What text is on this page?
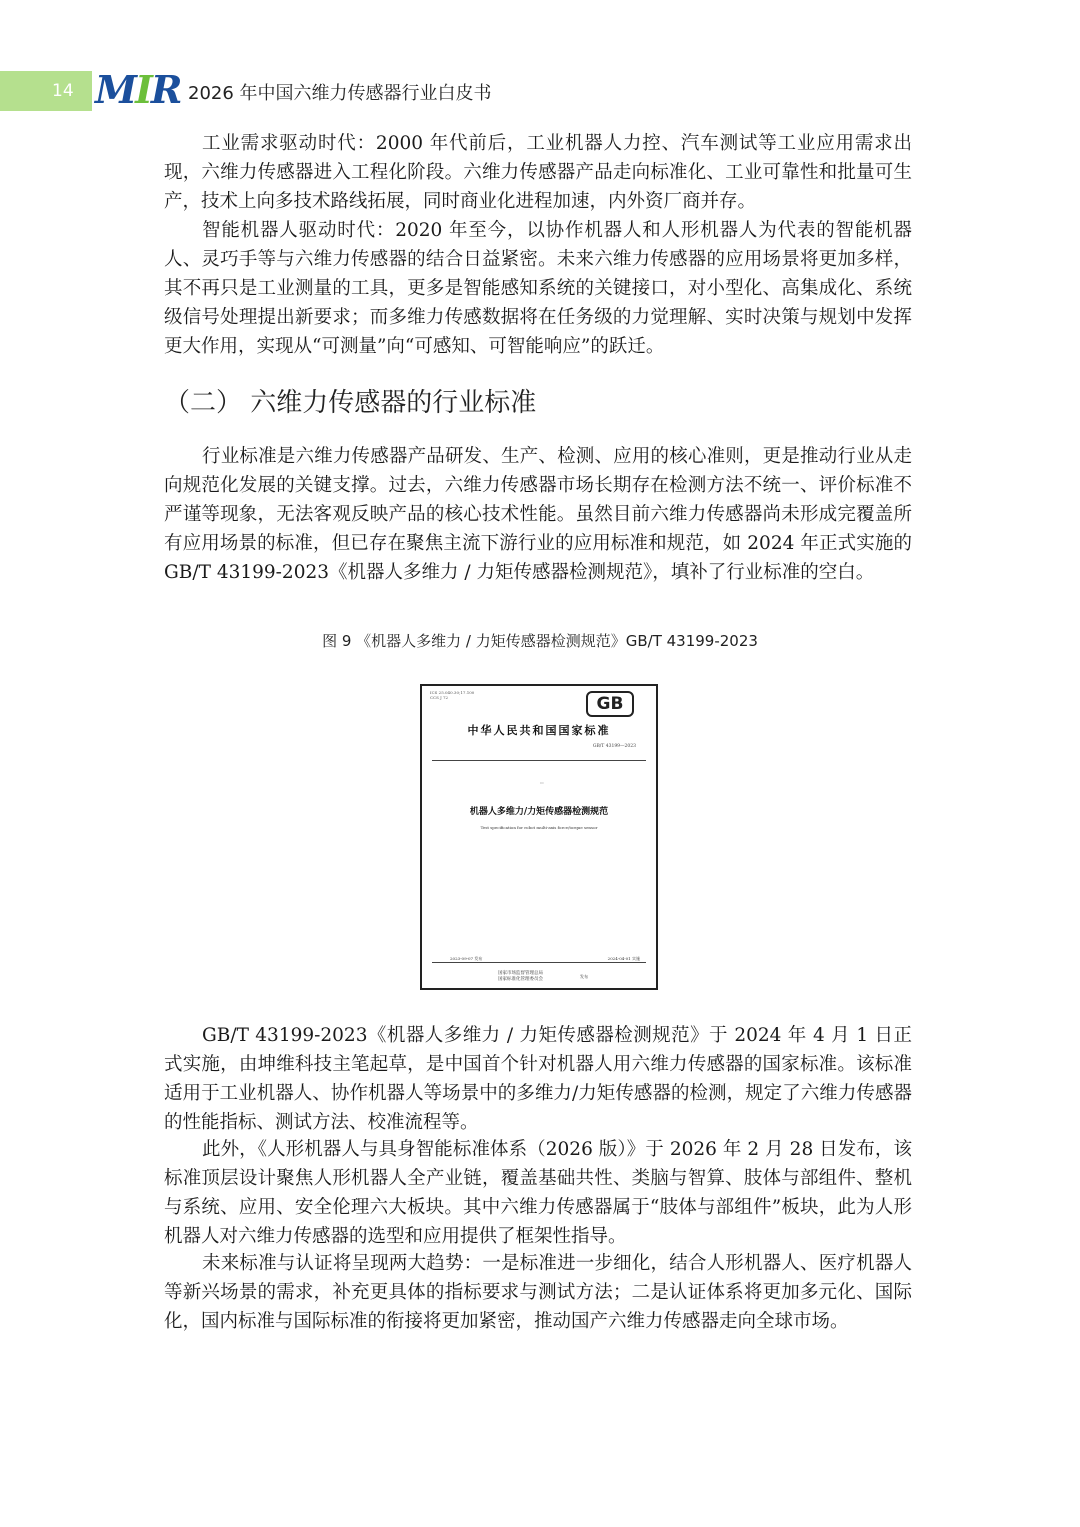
14 MIR 2026 年中国六维力传感器行业白皮书

工业需求驱动时代：2000 年代前后，工业机器人力控、汽车测试等工业应用需求出现，六维力传感器进入工程化阶段。六维力传感器产品走向标准化、工业可靠性和批量可生产，技术上向多技术路线拓展，同时商业化进程加速，内外资厂商并存。

智能机器人驱动时代：2020 年至今，以协作机器人和人形机器人为代表的智能机器人、灵巧手等与六维力传感器的结合日益紧密。未来六维力传感器的应用场景将更加多样，其不再只是工业测量的工具，更多是智能感知系统的关键接口，对小型化、高集成化、系统级信号处理提出新要求；而多维力传感数据将在任务级的力觉理解、实时决策与规划中发挥更大作用，实现从“可测量”向“可感知、可智能响应”的跃迁。

（二） 六维力传感器的行业标准

行业标准是六维力传感器产品研发、生产、检测、应用的核心准则，更是推动行业从走向规范化发展的关键支撑。过去，六维力传感器市场长期存在检测方法不统一、评价标准不严谨等现象，无法客观反映产品的核心技术性能。虽然目前六维力传感器尚未形成完覆盖所有应用场景的标准，但已存在聚焦主流下游行业的应用标准和规范，如 2024 年正式实施的 GB/T 43199-2023《机器人多维力 / 力矩传感器检测规范》，填补了行业标准的空白。

图 9 《机器人多维力 / 力矩传感器检测规范》GB/T 43199-2023
ICS 25.040.30;17.100
CCS J 72	GB
中华人民共和国国家标准
GB/T 43199—2023
▭
机器人多维力/力矩传感器检测规范
Test specification for robot multi-axis force/torque sensor
2023-09-07 发布	2024-04-01 实施
国家市场监督管理总局
国家标准化管理委员会
发布

GB/T 43199-2023《机器人多维力 / 力矩传感器检测规范》于 2024 年 4 月 1 日正式实施，由坤维科技主笔起草，是中国首个针对机器人用六维力传感器的国家标准。该标准适用于工业机器人、协作机器人等场景中的多维力/力矩传感器的检测，规定了六维力传感器的性能指标、测试方法、校准流程等。

此外，《人形机器人与具身智能标准体系（2026 版）》于 2026 年 2 月 28 日发布，该标准顶层设计聚焦人形机器人全产业链，覆盖基础共性、类脑与智算、肢体与部组件、整机与系统、应用、安全伦理六大板块。其中六维力传感器属于“肢体与部组件”板块，此为人形机器人对六维力传感器的选型和应用提供了框架性指导。

未来标准与认证将呈现两大趋势：一是标准进一步细化，结合人形机器人、医疗机器人等新兴场景的需求，补充更具体的指标要求与测试方法；二是认证体系将更加多元化、国际化，国内标准与国际标准的衔接将更加紧密，推动国产六维力传感器走向全球市场。
